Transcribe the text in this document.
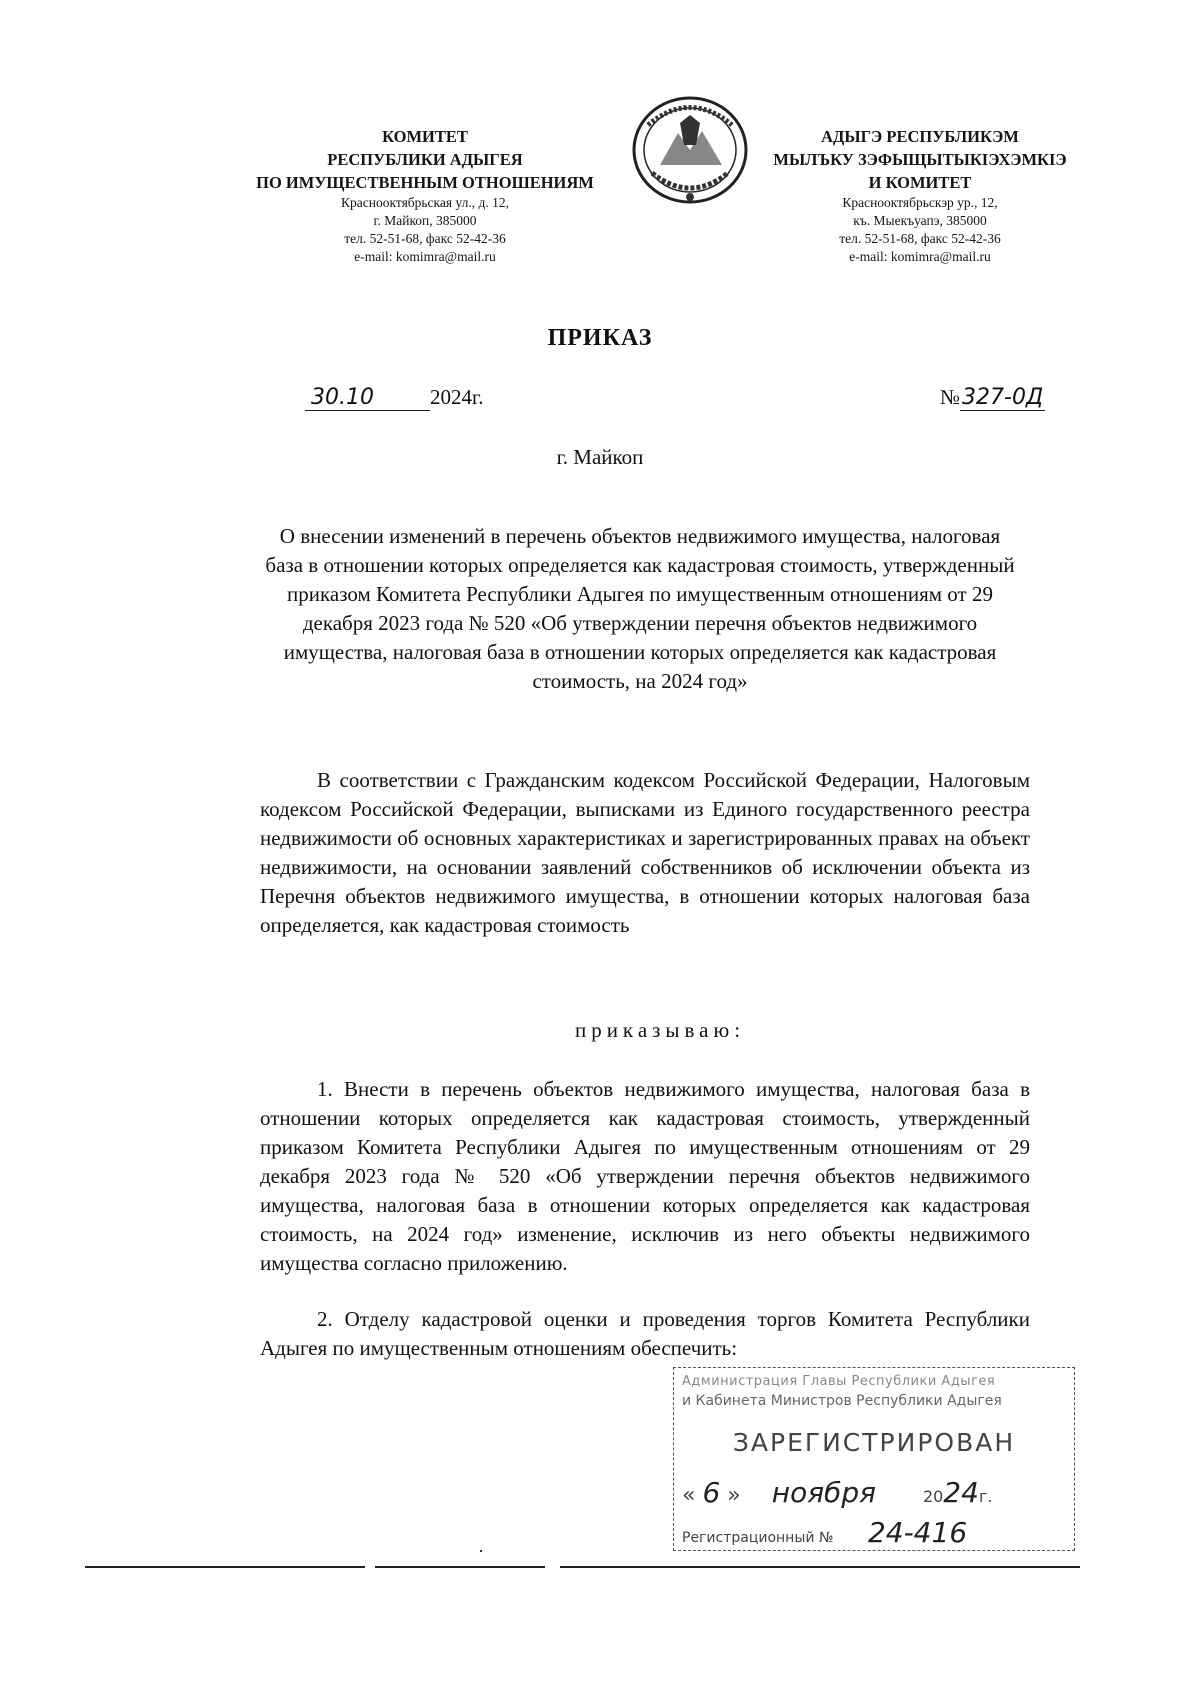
КОМИТЕТ
РЕСПУБЛИКИ АДЫГЕЯ
ПО ИМУЩЕСТВЕННЫМ ОТНОШЕНИЯМ
Краснооктябрьская ул., д. 12,
г. Майкоп, 385000
тел. 52-51-68, факс 52-42-36
e-mail: komimra@mail.ru
АДЫГЭ РЕСПУБЛИКЭМ
МЫЛЪКУ ЗЭФЫЩЫТЫКIЭХЭМКIЭ
И КОМИТЕТ
Краснооктябрьскэр ур., 12,
къ. Мыекъуапэ, 385000
тел. 52-51-68, факс 52-42-36
e-mail: komimra@mail.ru
ПРИКАЗ
30.10	2024г.	№327-0Д
г. Майкоп
О внесении изменений в перечень объектов недвижимого имущества, налоговая база в отношении которых определяется как кадастровая стоимость, утвержденный приказом Комитета Республики Адыгея по имущественным отношениям от 29 декабря 2023 года № 520 «Об утверждении перечня объектов недвижимого имущества, налоговая база в отношении которых определяется как кадастровая стоимость, на 2024 год»
В соответствии с Гражданским кодексом Российской Федерации, Налоговым кодексом Российской Федерации, выписками из Единого государственного реестра недвижимости об основных характеристиках и зарегистрированных правах на объект недвижимости, на основании заявлений собственников об исключении объекта из Перечня объектов недвижимого имущества, в отношении которых налоговая база определяется, как кадастровая стоимость
приказываю:
1. Внести в перечень объектов недвижимого имущества, налоговая база в отношении которых определяется как кадастровая стоимость, утвержденный приказом Комитета Республики Адыгея по имущественным отношениям от 29 декабря 2023 года № 520 «Об утверждении перечня объектов недвижимого имущества, налоговая база в отношении которых определяется как кадастровая стоимость, на 2024 год» изменение, исключив из него объекты недвижимого имущества согласно приложению.
2. Отделу кадастровой оценки и проведения торгов Комитета Республики Адыгея по имущественным отношениям обеспечить:
Администрация Главы Республики Адыгея
и Кабинета Министров Республики Адыгея
ЗАРЕГИСТРИРОВАН
« 6 » ноября	2024г.
Регистрационный № 24-416
